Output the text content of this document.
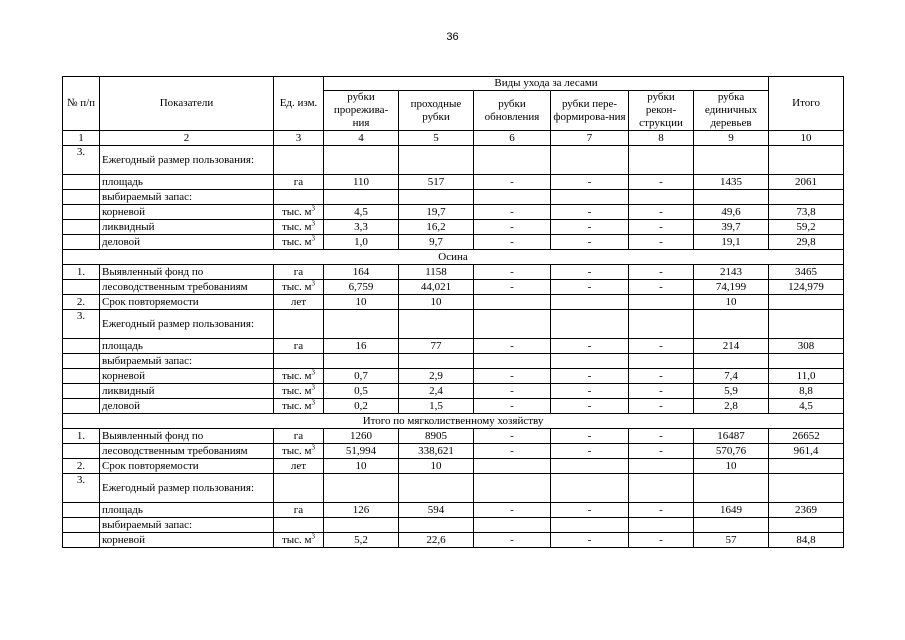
36
№ п/п	Показатели	Ед. изм.	Виды ухода за лесами						Итого
			рубки прорежива-ния	проходные рубки	рубки обновления	рубки пере-формирова-ния	рубки рекон-струкции	рубка единичных деревьев	
1	2	3	4	5	6	7	8	9	10
3.	Ежегодный размер пользования:								
	площадь	га	110	517	-	-	-	1435	2061
	выбираемый запас:								
	корневой	тыс. $м^3$	4,5	19,7	-	-	-	49,6	73,8
	ликвидный	тыс. $м^3$	3,3	16,2	-	-	-	39,7	59,2
	деловой	тыс. $м^3$	1,0	9,7	-	-	-	19,1	29,8
Осина									
1.	Выявленный фонд по	га	164	1158	-	-	-	2143	3465
	лесоводственным требованиям	тыс. $м^3$	6,759	44,021	-	-	-	74,199	124,979
2.	Срок повторяемости	лет	10	10				10	
3.	Ежегодный размер пользования:								
	площадь	га	16	77	-	-	-	214	308
	выбираемый запас:								
	корневой	тыс. $м^3$	0,7	2,9	-	-	-	7,4	11,0
	ликвидный	тыс. $м^3$	0,5	2,4	-	-	-	5,9	8,8
	деловой	тыс. $м^3$	0,2	1,5	-	-	-	2,8	4,5
Итого по мягколиственному хозяйству									
1.	Выявленный фонд по	га	1260	8905	-	-	-	16487	26652
	лесоводственным требованиям	тыс. $м^3$	51,994	338,621	-	-	-	570,76	961,4
2.	Срок повторяемости	лет	10	10				10	
3.	Ежегодный размер пользования:								
	площадь	га	126	594	-	-	-	1649	2369
	выбираемый запас:								
	корневой	тыс. $м^3$	5,2	22,6	-	-	-	57	84,8
